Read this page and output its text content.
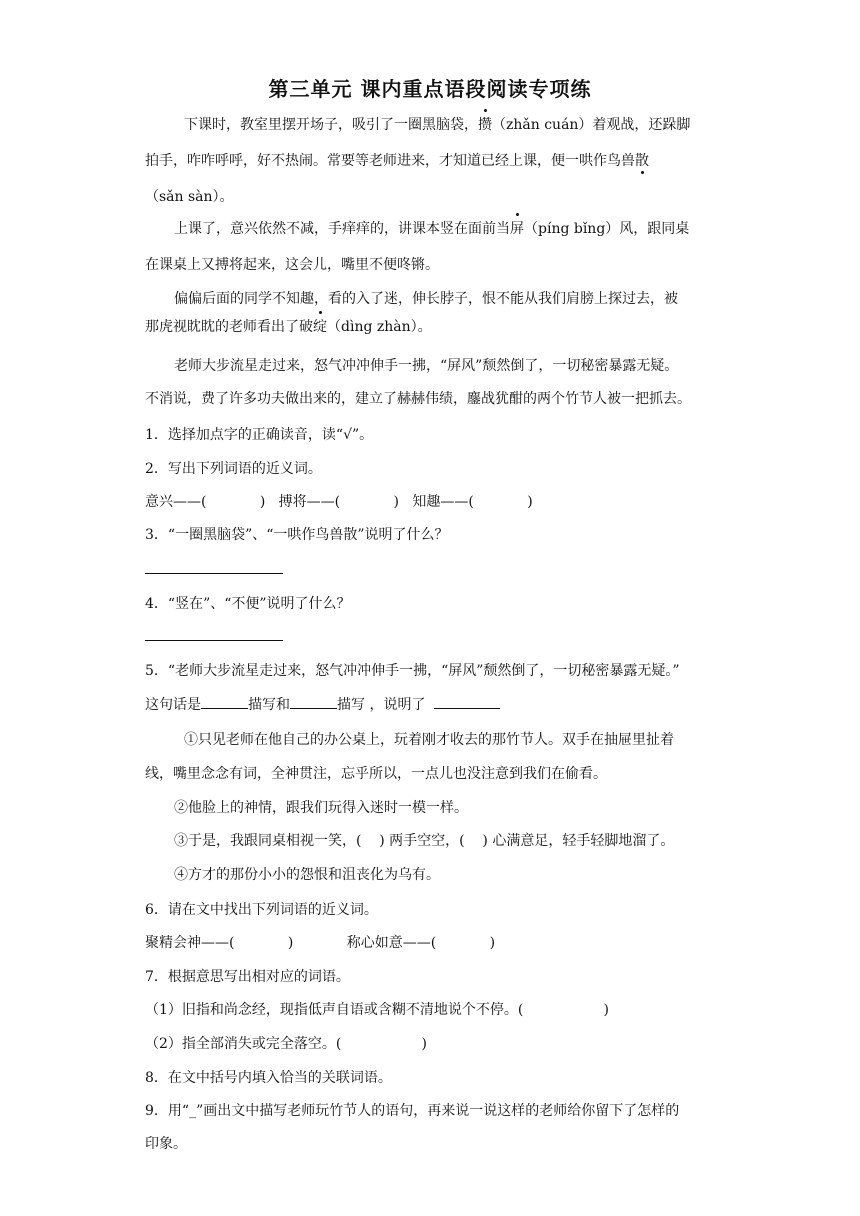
第三单元 课内重点语段阅读专项练
下课时，教室里摆开场子，吸引了一圈黑脑袋，攒（zhǎn cuán）着观战，还跺脚
拍手，咋咋呼呼，好不热闹。常要等老师进来，才知道已经上课，便一哄作鸟兽散
（sǎn sàn）。
上课了，意兴依然不减，手痒痒的，讲课本竖在面前当屏（píng bǐng）风，跟同桌
在课桌上又搏将起来，这会儿，嘴里不便咚锵。
偏偏后面的同学不知趣，看的入了迷，伸长脖子，恨不能从我们肩膀上探过去，被
那虎视眈眈的老师看出了破绽（dìng zhàn）。
老师大步流星走过来，怒气冲冲伸手一拂，“屏风”颓然倒了，一切秘密暴露无疑。
不消说，费了许多功夫做出来的，建立了赫赫伟绩，鏖战犹酣的两个竹节人被一把抓去。
1．选择加点字的正确读音，读“√”。
2．写出下列词语的近义词。
意兴——(            )   搏将——(            )   知趣——(            )
3．“一圈黑脑袋”、“一哄作鸟兽散”说明了什么？
4．“竖在”、“不便”说明了什么？
5．“老师大步流星走过来，怒气冲冲伸手一拂，“屏风”颓然倒了，一切秘密暴露无疑。”
这句话是	描写和	描写 ，说明了
①只见老师在他自己的办公桌上，玩着刚才收去的那竹节人。双手在抽屉里扯着
线，嘴里念念有词，全神贯注，忘乎所以，一点儿也没注意到我们在偷看。
②他脸上的神情，跟我们玩得入迷时一模一样。
③于是，我跟同桌相视一笑，(    ) 两手空空，(    ) 心满意足，轻手轻脚地溜了。
④方才的那份小小的怨恨和沮丧化为乌有。
6．请在文中找出下列词语的近义词。
聚精会神——(            )            称心如意——(            )
7．根据意思写出相对应的词语。
（1）旧指和尚念经，现指低声自语或含糊不清地说个不停。(                  )
（2）指全部消失或完全落空。(                  )
8．在文中括号内填入恰当的关联词语。
9．用“_”画出文中描写老师玩竹节人的语句，再来说一说这样的老师给你留下了怎样的
印象。
